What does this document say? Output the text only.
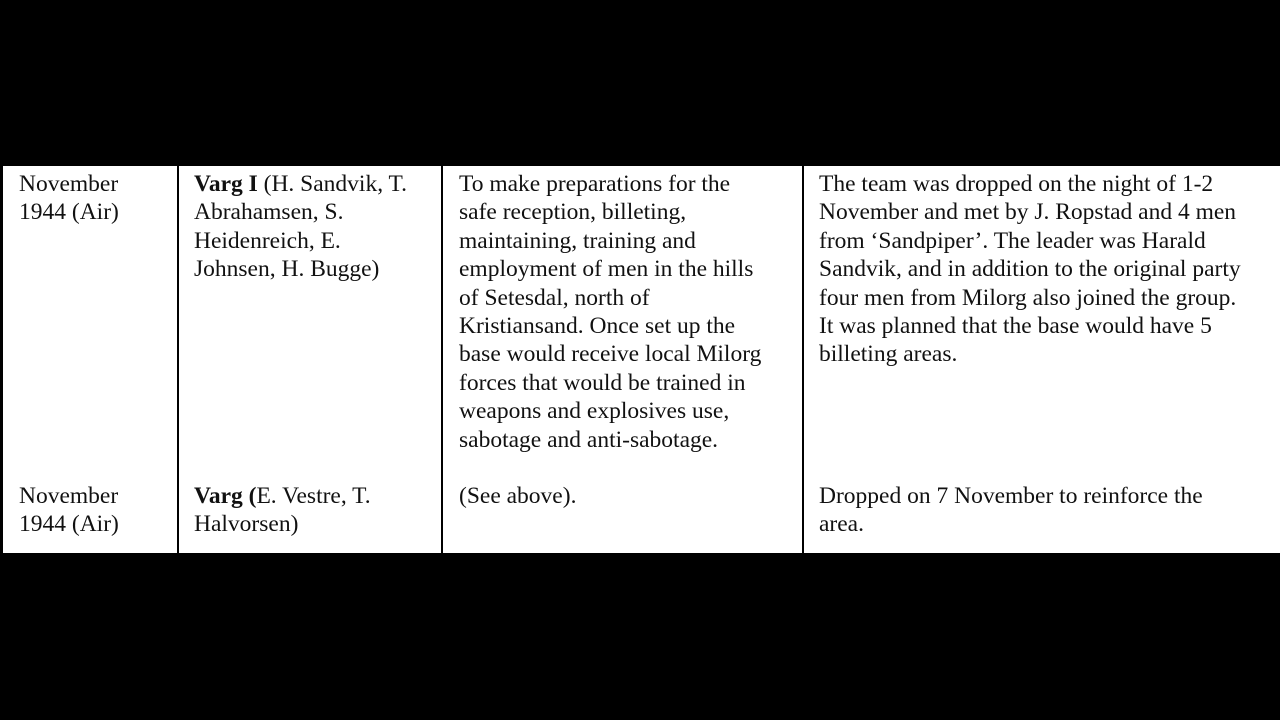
November
1944 (Air)
Varg I (H. Sandvik, T.
Abrahamsen, S.
Heidenreich, E.
Johnsen, H. Bugge)
To make preparations for the
safe reception, billeting,
maintaining, training and
employment of men in the hills
of Setesdal, north of
Kristiansand. Once set up the
base would receive local Milorg
forces that would be trained in
weapons and explosives use,
sabotage and anti-sabotage.
The team was dropped on the night of 1-2
November and met by J. Ropstad and 4 men
from ‘Sandpiper’. The leader was Harald
Sandvik, and in addition to the original party
four men from Milorg also joined the group.
It was planned that the base would have 5
billeting areas.
November
1944 (Air)
Varg (E. Vestre, T.
Halvorsen)
(See above).	Dropped on 7 November to reinforce the
area.
